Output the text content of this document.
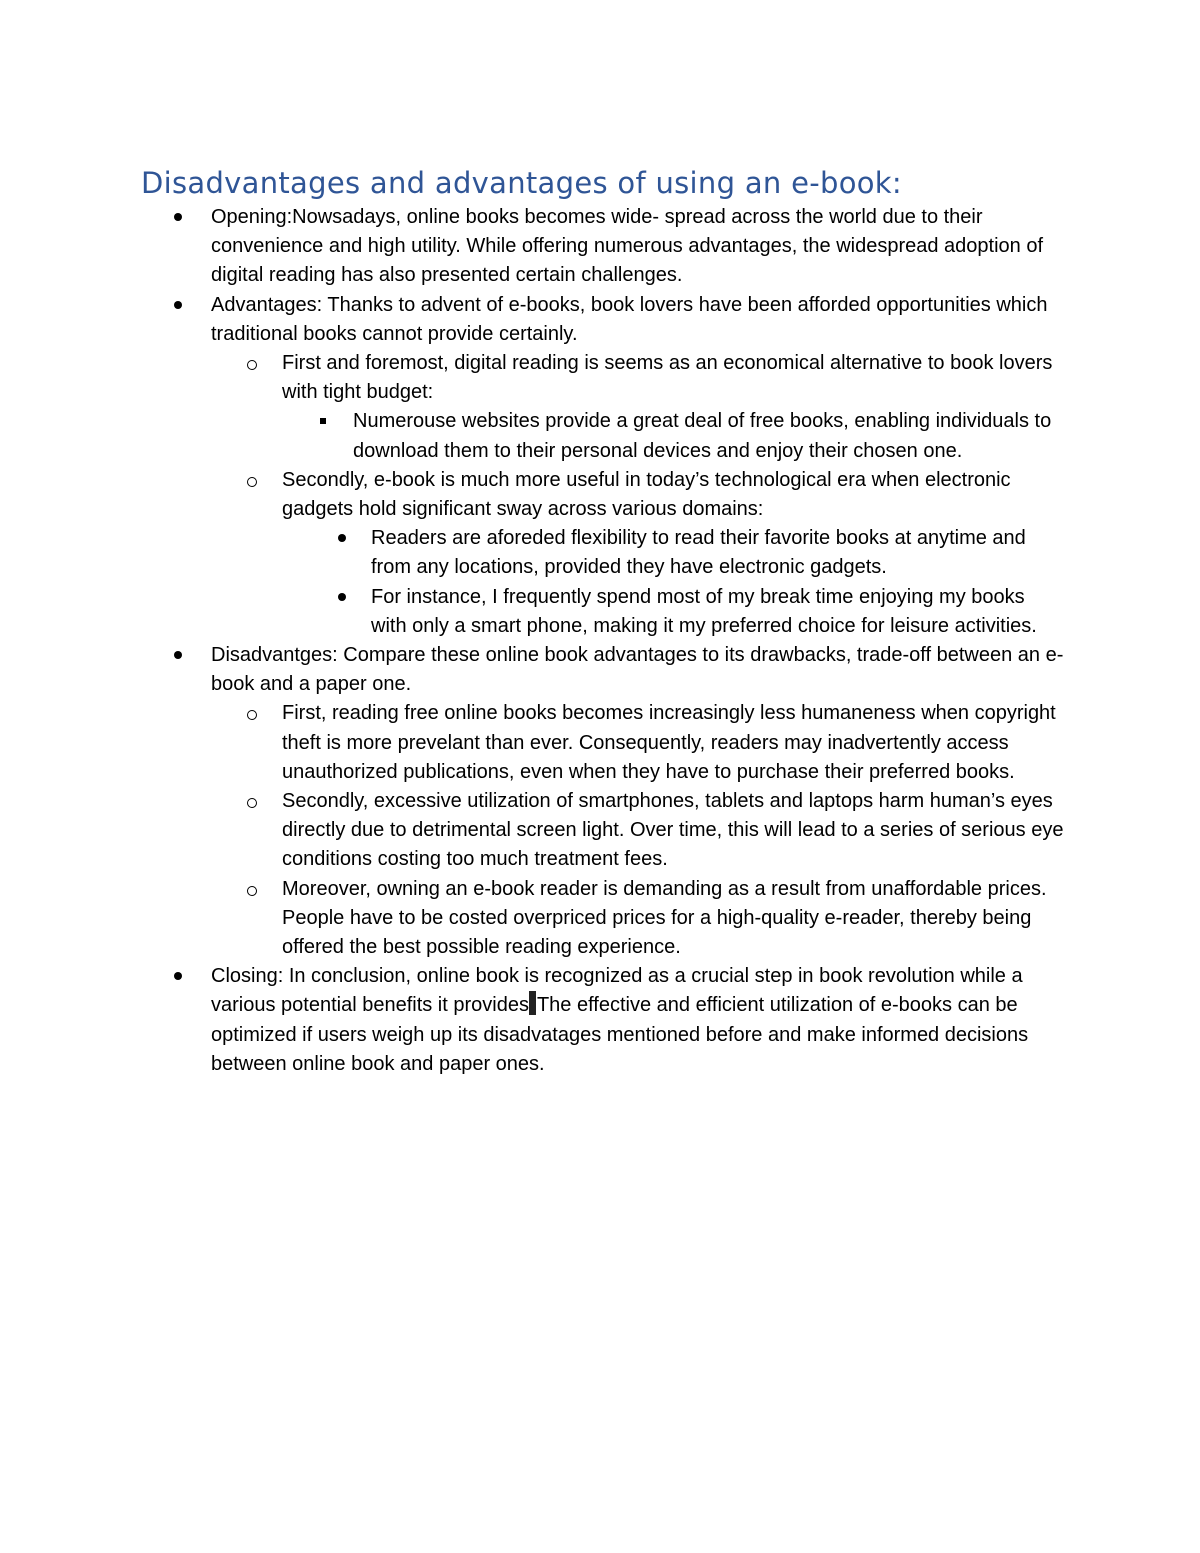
Disadvantages and advantages of using an e-book:
Opening:Nowsadays, online books becomes wide- spread across the world due to their convenience and high utility. While offering numerous advantages, the widespread adoption of digital reading has also presented certain challenges.
Advantages: Thanks to advent of e-books, book lovers have been afforded opportunities which traditional books cannot provide certainly.
First and foremost, digital reading is seems as an economical alternative to book lovers with tight budget:
Numerouse websites provide a great deal of free books, enabling individuals to download them to their personal devices and enjoy their chosen one.
Secondly, e-book is much more useful in today’s technological era when electronic gadgets hold significant sway across various domains:
Readers are aforeded flexibility to read their favorite books at anytime and from any locations, provided they have electronic gadgets.
For instance, I frequently spend most of my break time enjoying my books with only a smart phone, making it my preferred choice for leisure activities.
Disadvantges: Compare these online book advantages to its drawbacks, trade-off between an e-book and a paper one.
First, reading free online books becomes increasingly less humaneness when copyright theft is more prevelant than ever. Consequently, readers may inadvertently access unauthorized publications, even when they have to purchase their preferred books.
Secondly, excessive utilization of smartphones, tablets and laptops harm human’s eyes directly due to detrimental screen light. Over time, this will lead to a series of serious eye conditions costing too much treatment fees.
Moreover, owning an e-book reader is demanding as a result from unaffordable prices. People have to be costed overpriced prices for a high-quality e-reader, thereby being offered the best possible reading experience.
Closing: In conclusion, online book is recognized as a crucial step in book revolution while a various potential benefits it provides The effective and efficient utilization of e-books can be optimized if users weigh up its disadvatages mentioned before and make informed decisions between online book and paper ones.
